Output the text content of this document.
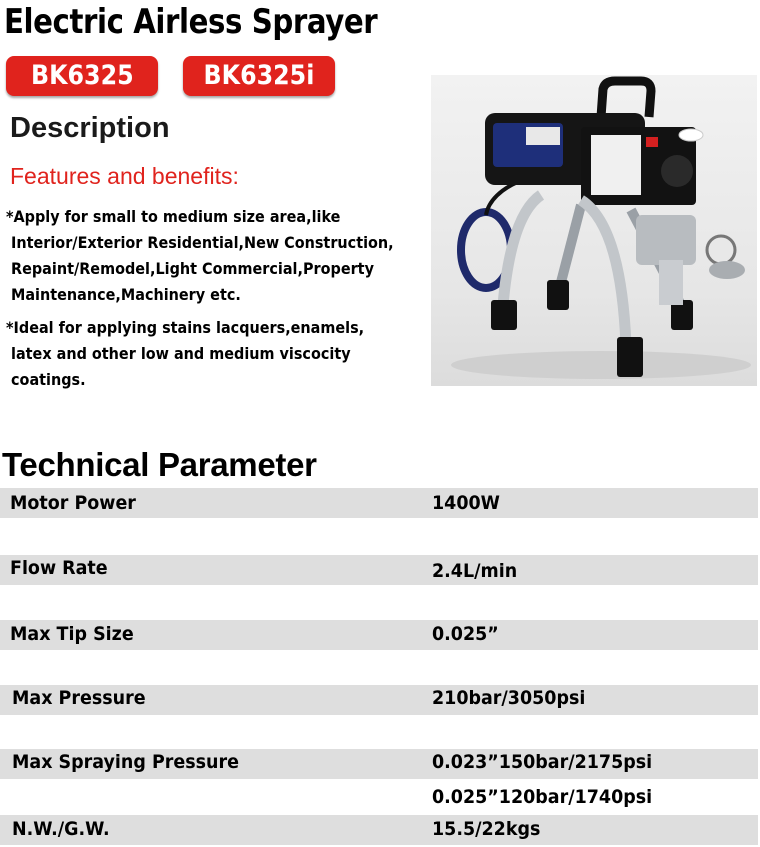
Electric Airless Sprayer
BK6325	BK6325i
Description
Features and benefits:
*Apply for small to medium size area,like
Interior/Exterior Residential,New Construction,
Repaint/Remodel,Light Commercial,Property
Maintenance,Machinery etc.
*Ideal for applying stains lacquers,enamels,
latex and other low and medium viscocity
coatings.
Technical Parameter
Motor Power	1400W
Flow Rate	2.4L/min
Max Tip Size	0.025”
Max Pressure	210bar/3050psi
Max Spraying Pressure	0.023”150bar/2175psi
0.025”120bar/1740psi
N.W./G.W.	15.5/22kgs
